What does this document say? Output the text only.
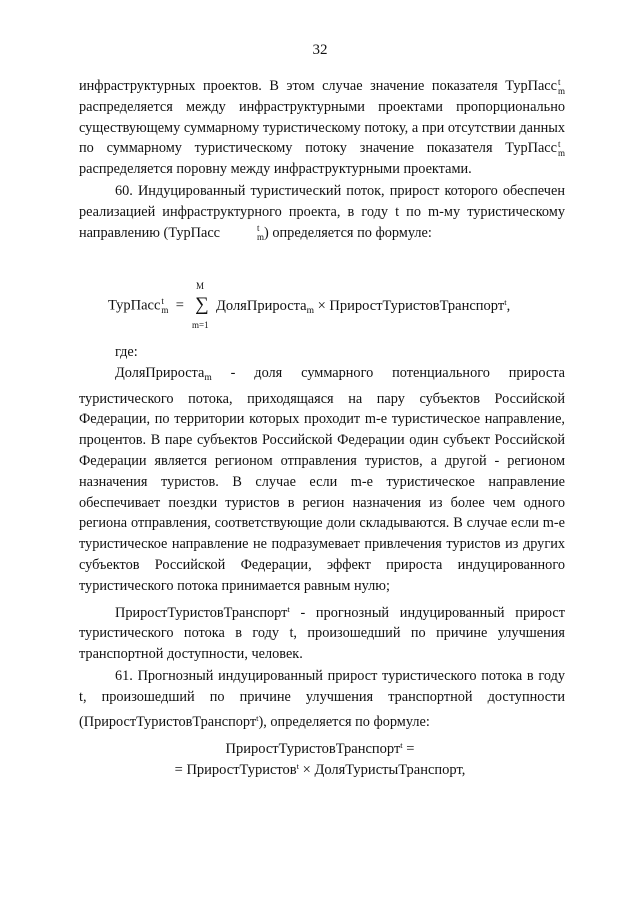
32

инфраструктурных проектов. В этом случае значение показателя ТурПасс t
m
распределяется между инфраструктурными проектами пропорционально существующему суммарному туристическому потоку, а при отсутствии данных по суммарному туристическому потоку значение показателя ТурПасс t
m
распределяется поровну между инфраструктурными проектами.

60. Индуцированный туристический поток, прирост которого обеспечен реализацией инфраструктурного проекта, в году t по m-му туристическому направлению (ТурПасс	t
m ) определяется по формуле:

ТурПасс t
m =
M
∑
m=1
ДоляПрироста$_m$ × ПриростТуристовТранспорт$^t$,

где:

ДоляПрироста$_m$ - доля суммарного потенциального прироста туристического потока, приходящаяся на пару субъектов Российской Федерации, по территории которых проходит m-е туристическое направление, процентов. В паре субъектов Российской Федерации один субъект Российской Федерации является регионом отправления туристов, а другой - регионом назначения туристов. В случае если m-е туристическое направление обеспечивает поездки туристов в регион назначения из более чем одного региона отправления, соответствующие доли складываются. В случае если m-е туристическое направление не подразумевает привлечения туристов из других субъектов Российской Федерации, эффект прироста индуцированного туристического потока принимается равным нулю;

ПриростТуристовТранспорт$^t$ - прогнозный индуцированный прирост туристического потока в году t, произошедший по причине улучшения транспортной доступности, человек.

61. Прогнозный индуцированный прирост туристического потока в году t, произошедший по причине улучшения транспортной доступности (ПриростТуристовТранспорт$^t$), определяется по формуле:

ПриростТуристовТранспорт$^t$ =
= ПриростТуристов$^t$ × ДоляТуристыТранспорт,
